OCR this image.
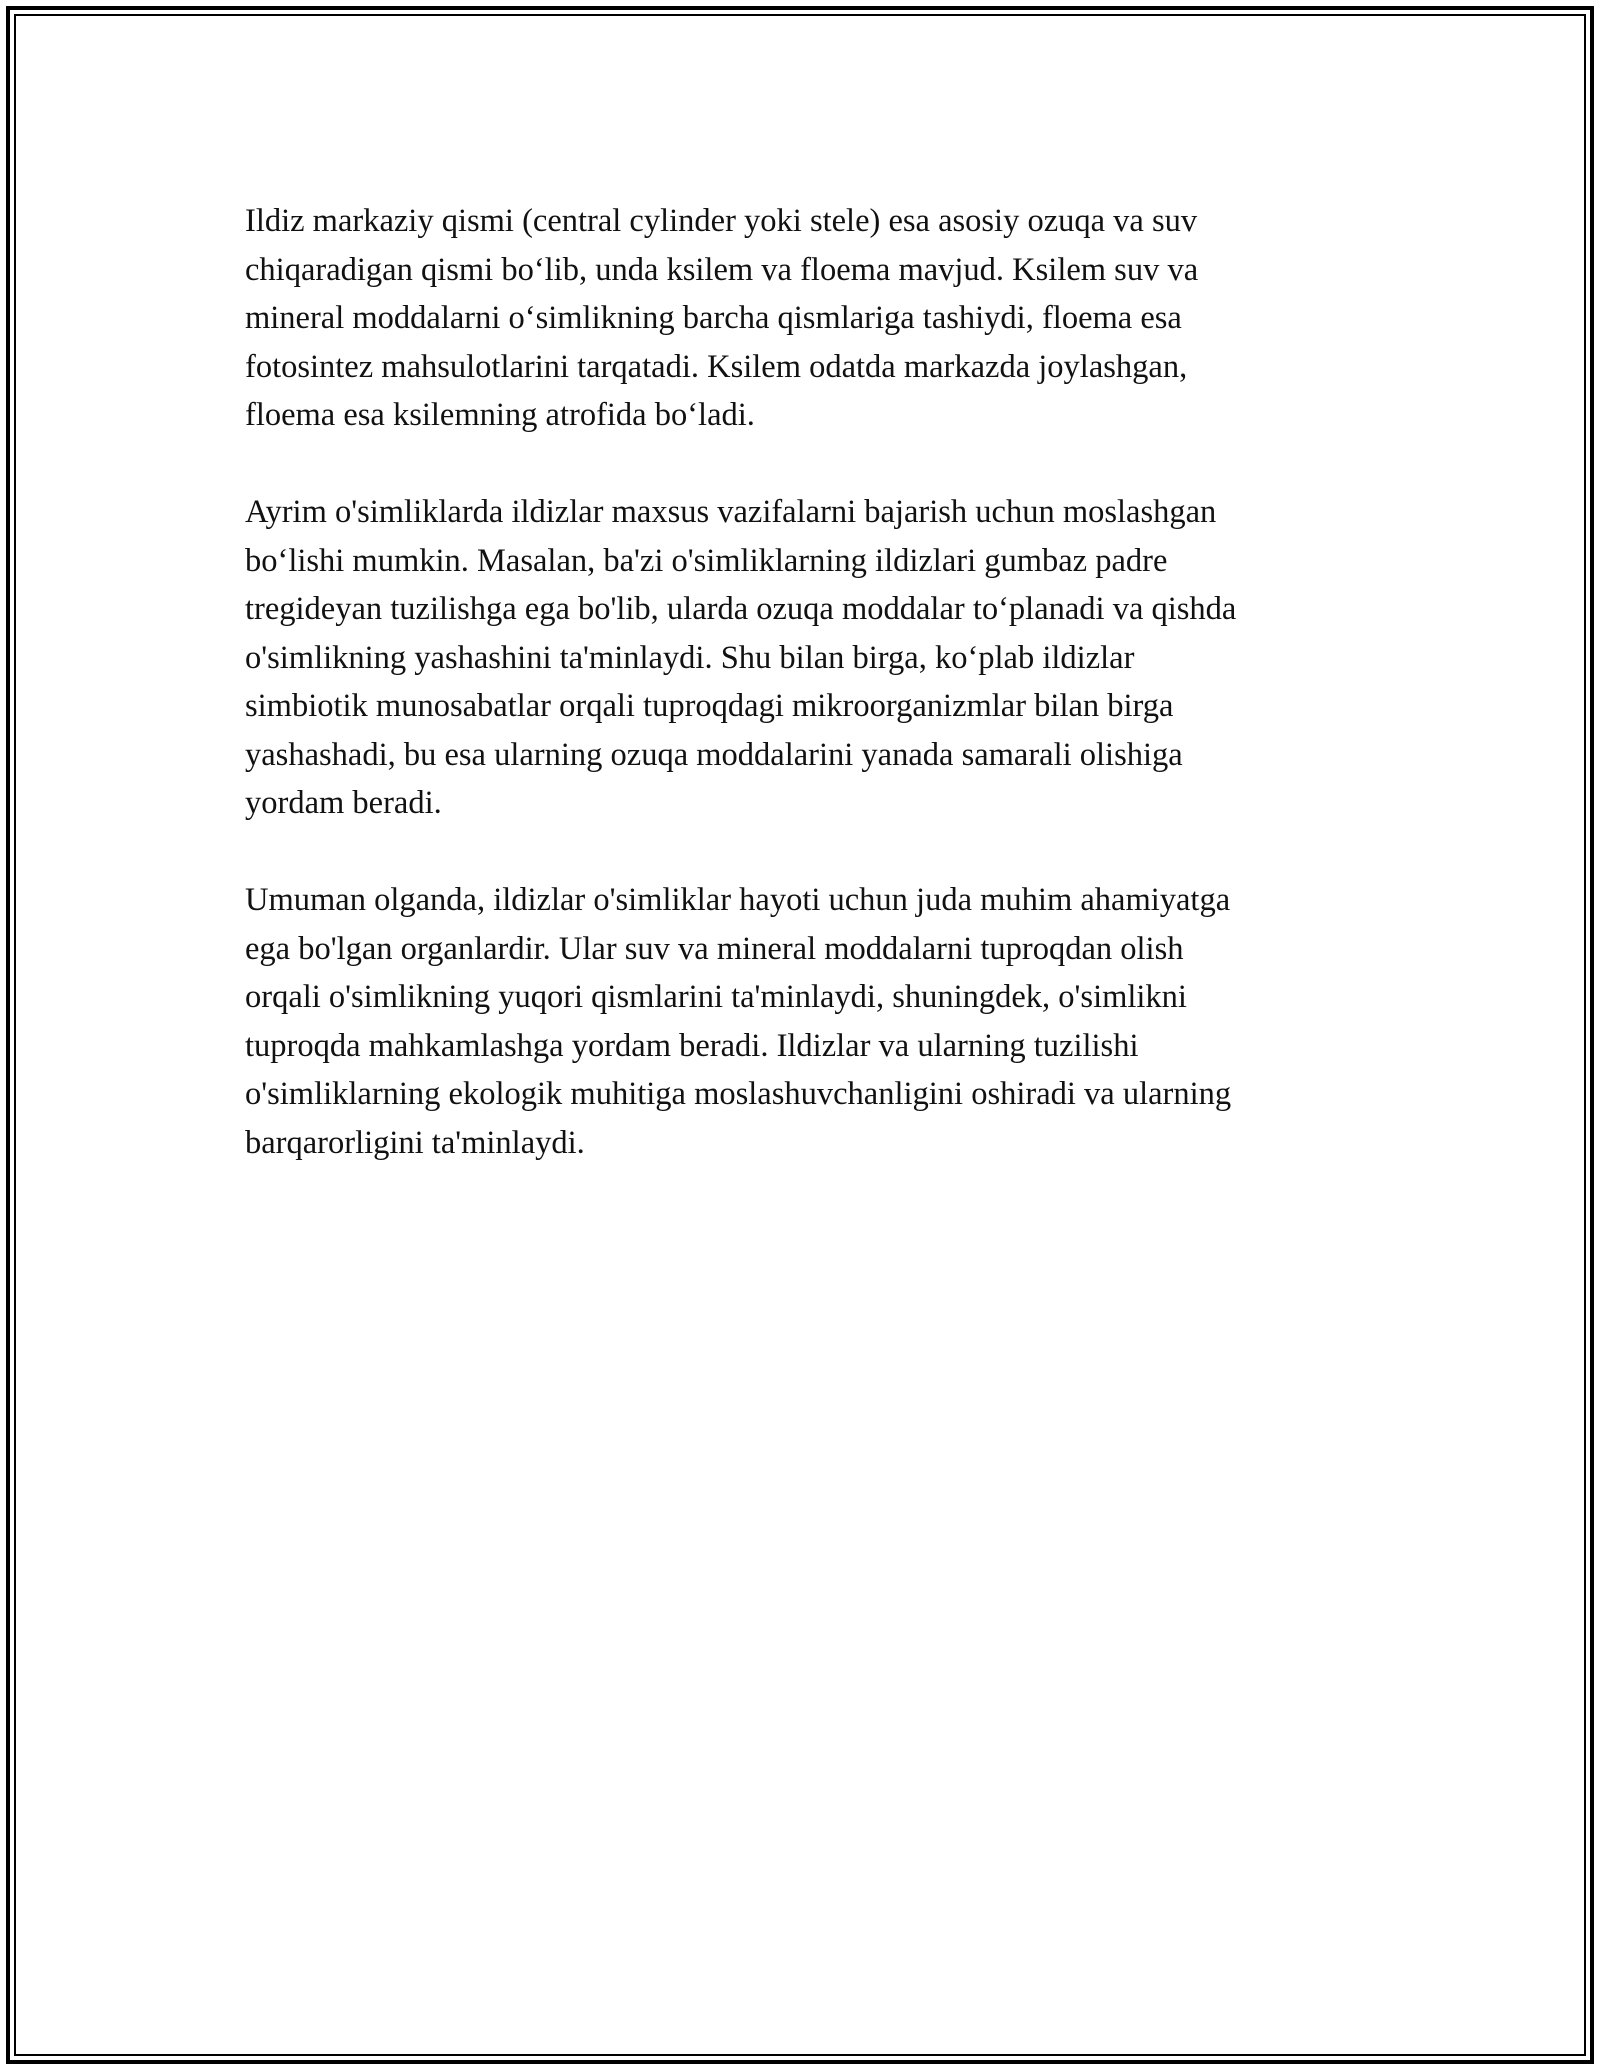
Ildiz markaziy qismi (central cylinder yoki stele) esa asosiy ozuqa va suv
chiqaradigan qismi bo‘lib, unda ksilem va floema mavjud. Ksilem suv va
mineral moddalarni o‘simlikning barcha qismlariga tashiydi, floema esa
fotosintez mahsulotlarini tarqatadi. Ksilem odatda markazda joylashgan,
floema esa ksilemning atrofida bo‘ladi.

Ayrim o'simliklarda ildizlar maxsus vazifalarni bajarish uchun moslashgan
bo‘lishi mumkin. Masalan, ba'zi o'simliklarning ildizlari gumbaz padre
tregideyan tuzilishga ega bo'lib, ularda ozuqa moddalar to‘planadi va qishda
o'simlikning yashashini ta'minlaydi. Shu bilan birga, ko‘plab ildizlar
simbiotik munosabatlar orqali tuproqdagi mikroorganizmlar bilan birga
yashashadi, bu esa ularning ozuqa moddalarini yanada samarali olishiga
yordam beradi.

Umuman olganda, ildizlar o'simliklar hayoti uchun juda muhim ahamiyatga
ega bo'lgan organlardir. Ular suv va mineral moddalarni tuproqdan olish
orqali o'simlikning yuqori qismlarini ta'minlaydi, shuningdek, o'simlikni
tuproqda mahkamlashga yordam beradi. Ildizlar va ularning tuzilishi
o'simliklarning ekologik muhitiga moslashuvchanligini oshiradi va ularning
barqarorligini ta'minlaydi.
